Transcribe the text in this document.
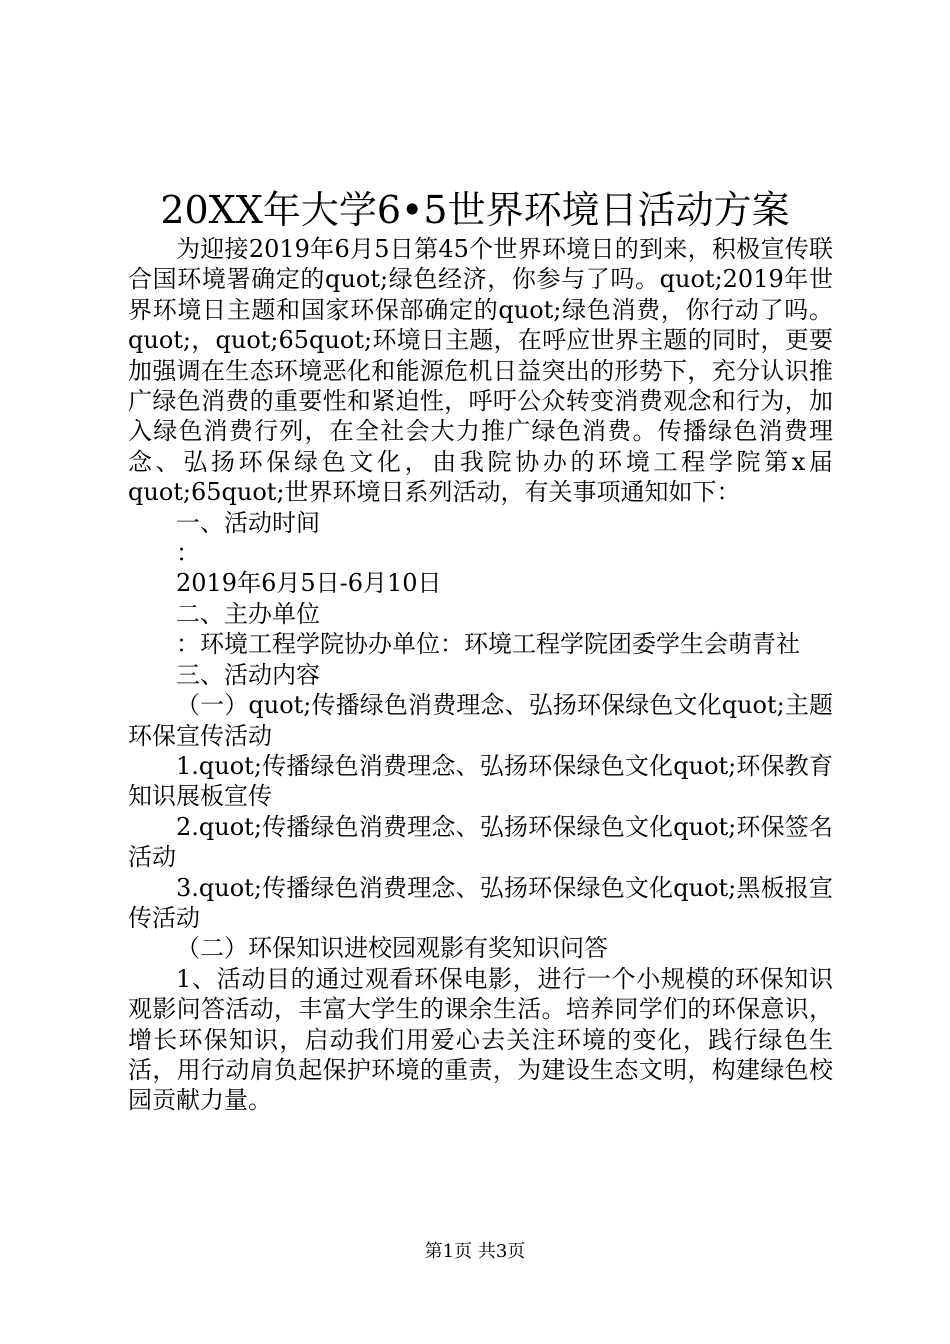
20XX年大学6•5世界环境日活动方案

为迎接2019年6月5日第45个世界环境日的到来，积极宣传联合国环境署确定的quot;绿色经济，你参与了吗。quot;2019年世界环境日主题和国家环保部确定的quot;绿色消费，你行动了吗。quot;，quot;65quot;环境日主题，在呼应世界主题的同时，更要加强调在生态环境恶化和能源危机日益突出的形势下，充分认识推广绿色消费的重要性和紧迫性，呼吁公众转变消费观念和行为，加入绿色消费行列，在全社会大力推广绿色消费。传播绿色消费理念、弘扬环保绿色文化，由我院协办的环境工程学院第x届quot;65quot;世界环境日系列活动，有关事项通知如下：

一、活动时间

：

2019年6月5日-6月10日

二、主办单位

：环境工程学院协办单位：环境工程学院团委学生会萌青社

三、活动内容

（一）quot;传播绿色消费理念、弘扬环保绿色文化quot;主题环保宣传活动

1.quot;传播绿色消费理念、弘扬环保绿色文化quot;环保教育知识展板宣传

2.quot;传播绿色消费理念、弘扬环保绿色文化quot;环保签名活动

3.quot;传播绿色消费理念、弘扬环保绿色文化quot;黑板报宣传活动

（二）环保知识进校园观影有奖知识问答

1、活动目的通过观看环保电影，进行一个小规模的环保知识观影问答活动，丰富大学生的课余生活。培养同学们的环保意识，增长环保知识，启动我们用爱心去关注环境的变化，践行绿色生活，用行动肩负起保护环境的重责，为建设生态文明，构建绿色校园贡献力量。

第1页 共3页
